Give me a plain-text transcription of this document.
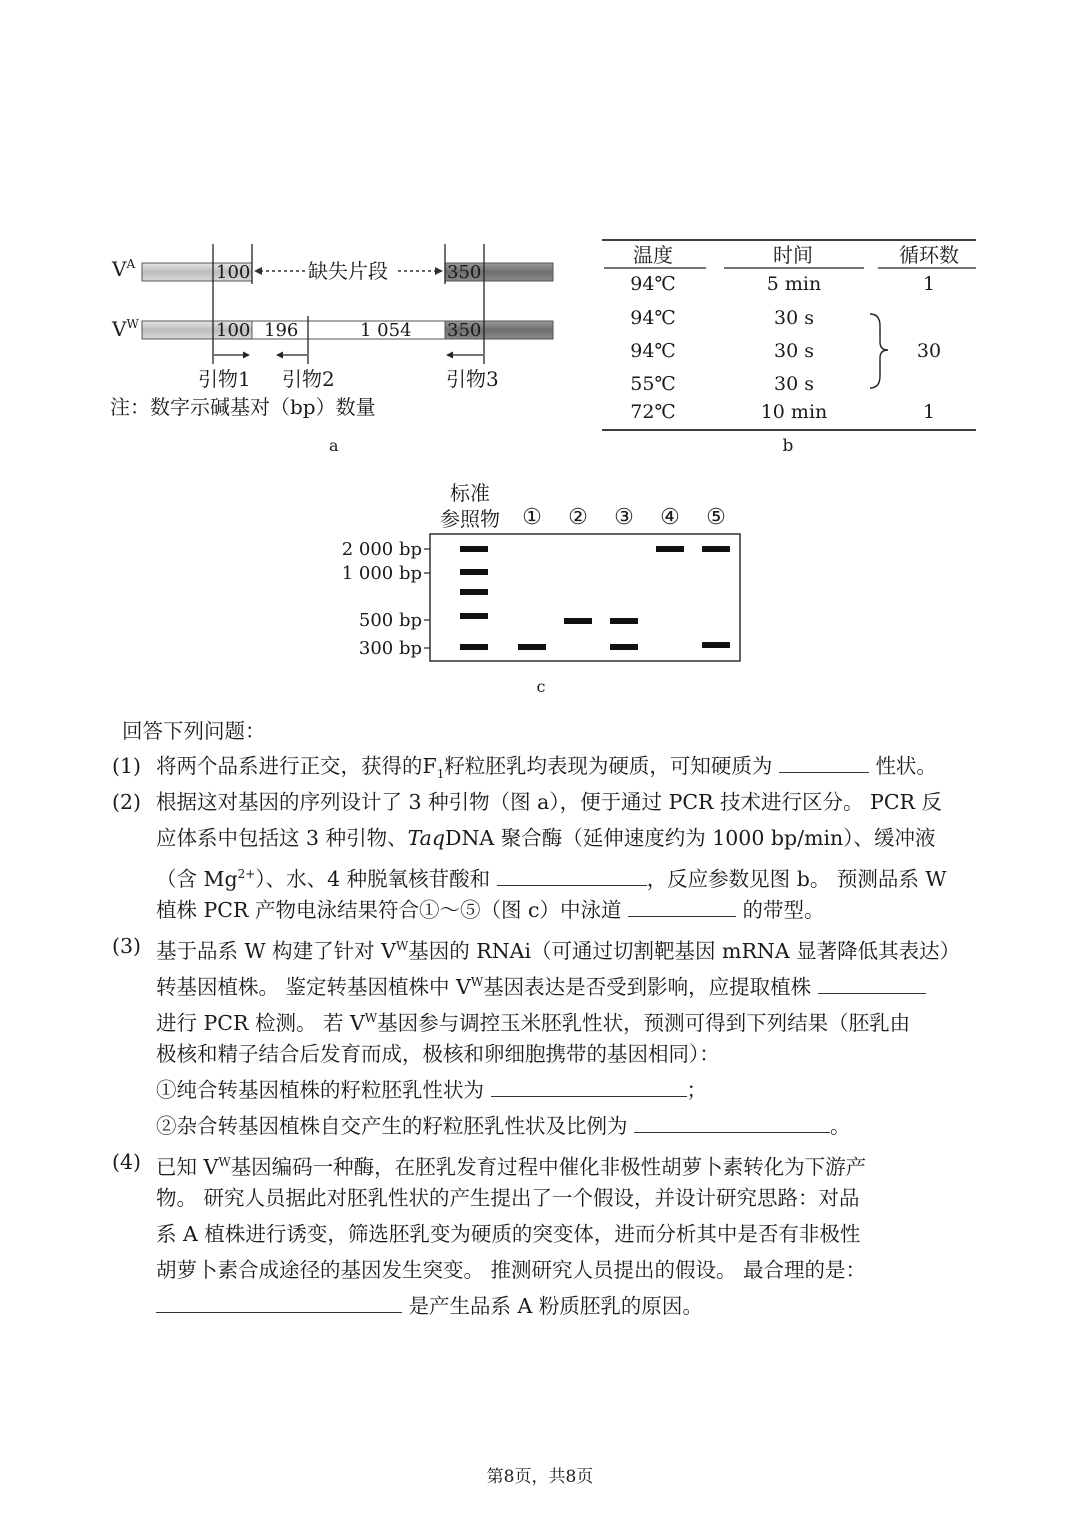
$V^A$
$V^W$
100	350
缺失片段
100 196	1 054 350
引物1 引物2	引物3
注：数字示碱基对（bp）数量
a
温度	时间	循环数
94℃	5 min	1
94℃	30 s
94℃	30 s
55℃	30 s
30
72℃	10 min	1
b
标准
参照物 ① ② ③ ④ ⑤
2 000 bp
1 000 bp
500 bp
300 bp
c
回答下列问题：
(1) 将两个品系进行正交，获得的$F_1$籽粒胚乳均表现为硬质，可知硬质为	性状。
(2) 根据这对基因的序列设计了 3 种引物（图 a），便于通过 PCR 技术进行区分。 PCR 反
应体系中包括这 3 种引物、TaqDNA 聚合酶（延伸速度约为 1000 bp/min）、缓冲液
（含 $Mg^{2+}$）、水、4 种脱氧核苷酸和	，反应参数见图 b。 预测品系 W
植株 PCR 产物电泳结果符合①～⑤（图 c）中泳道	的带型。
(3) 基于品系 W 构建了针对 $V^W$基因的 RNAi（可通过切割靶基因 mRNA 显著降低其表达）
转基因植株。 鉴定转基因植株中 $V^W$基因表达是否受到影响，应提取植株
进行 PCR 检测。 若 $V^W$基因参与调控玉米胚乳性状，预测可得到下列结果（胚乳由
极核和精子结合后发育而成，极核和卵细胞携带的基因相同）：
①纯合转基因植株的籽粒胚乳性状为	；
②杂合转基因植株自交产生的籽粒胚乳性状及比例为	。
(4) 已知 $V^W$基因编码一种酶，在胚乳发育过程中催化非极性胡萝卜素转化为下游产
物。 研究人员据此对胚乳性状的产生提出了一个假设，并设计研究思路：对品
系 A 植株进行诱变，筛选胚乳变为硬质的突变体，进而分析其中是否有非极性
胡萝卜素合成途径的基因发生突变。 推测研究人员提出的假设。 最合理的是：
是产生品系 A 粉质胚乳的原因。
第8页，共8页
